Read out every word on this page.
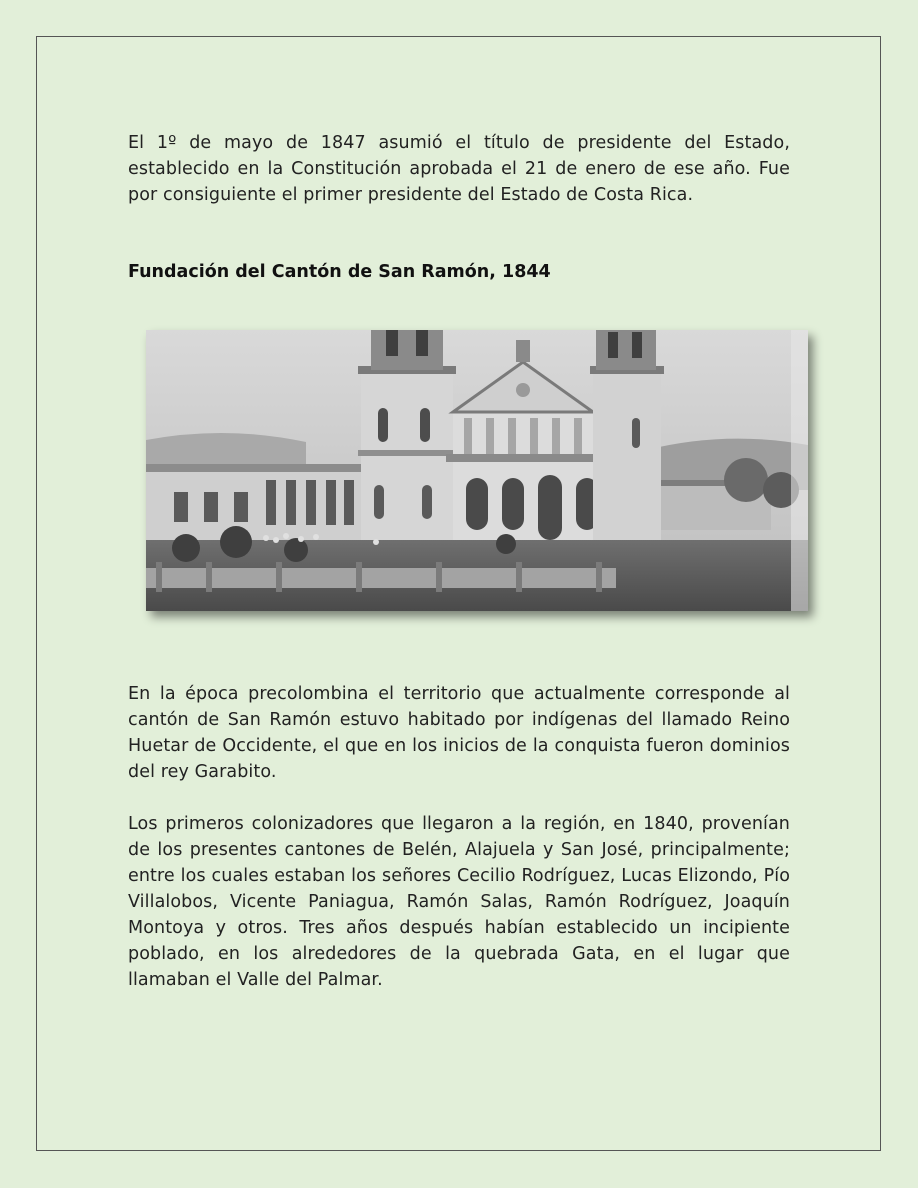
El 1º de mayo de 1847 asumió el título de presidente del Estado, establecido en la Constitución aprobada el 21 de enero de ese año. Fue por consiguiente el primer presidente del Estado de Costa Rica.

Fundación del Cantón de San Ramón, 1844

En la época precolombina el territorio que actualmente corresponde al cantón de San Ramón estuvo habitado por indígenas del llamado Reino Huetar de Occidente, el que en los inicios de la conquista fueron dominios del rey Garabito.

Los primeros colonizadores que llegaron a la región, en 1840, provenían de los presentes cantones de Belén, Alajuela y San José, principalmente; entre los cuales estaban los señores Cecilio Rodríguez, Lucas Elizondo, Pío Villalobos, Vicente Paniagua, Ramón Salas, Ramón Rodríguez, Joaquín Montoya y otros. Tres años después habían establecido un incipiente poblado, en los alrededores de la quebrada Gata, en el lugar que llamaban el Valle del Palmar.
